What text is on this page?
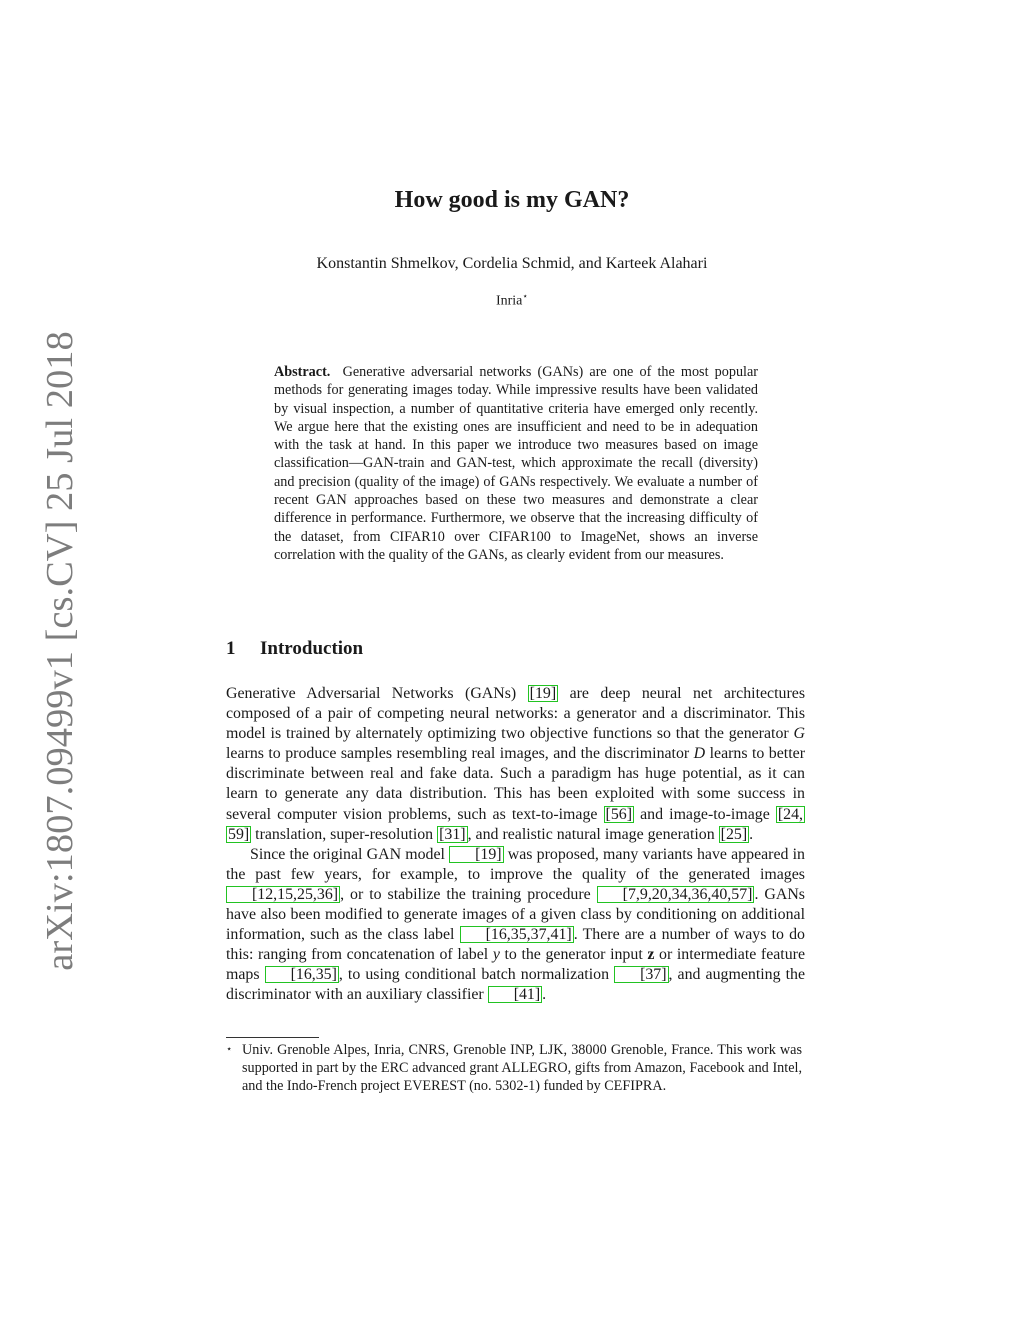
arXiv:1807.09499v1 [cs.CV] 25 Jul 2018
How good is my GAN?
Konstantin Shmelkov, Cordelia Schmid, and Karteek Alahari
Inria⋆
Abstract. Generative adversarial networks (GANs) are one of the most popular methods for generating images today. While impressive results have been validated by visual inspection, a number of quantitative criteria have emerged only recently. We argue here that the existing ones are insufficient and need to be in adequation with the task at hand. In this paper we introduce two measures based on image classification—GAN-train and GAN-test, which approximate the recall (diversity) and precision (quality of the image) of GANs respectively. We evaluate a number of recent GAN approaches based on these two measures and demonstrate a clear difference in performance. Furthermore, we observe that the increasing difficulty of the dataset, from CIFAR10 over CIFAR100 to ImageNet, shows an inverse correlation with the quality of the GANs, as clearly evident from our measures.
1 Introduction

Generative Adversarial Networks (GANs) [19] are deep neural net architectures composed of a pair of competing neural networks: a generator and a discriminator. This model is trained by alternately optimizing two objective functions so that the generator G learns to produce samples resembling real images, and the discriminator D learns to better discriminate between real and fake data. Such a paradigm has huge potential, as it can learn to generate any data distribution. This has been exploited with some success in several computer vision problems, such as text-to-image [56] and image-to-image [24,59] translation, super-resolution [31] , and realistic natural image generation [25] .

Since the original GAN model [19] was proposed, many variants have appeared in the past few years, for example, to improve the quality of the generated images [12,15,25,36] , or to stabilize the training procedure [7,9,20,34,36,40,57] . GANs have also been modified to generate images of a given class by conditioning on additional information, such as the class label [16,35,37,41] . There are a number of ways to do this: ranging from concatenation of label y to the generator input z or intermediate feature maps [16,35] , to using conditional batch normalization [37] , and augmenting the discriminator with an auxiliary classifier [41] .

⋆ Univ. Grenoble Alpes, Inria, CNRS, Grenoble INP, LJK, 38000 Grenoble, France. This work was supported in part by the ERC advanced grant ALLEGRO, gifts from Amazon, Facebook and Intel, and the Indo-French project EVEREST (no. 5302-1) funded by CEFIPRA.
